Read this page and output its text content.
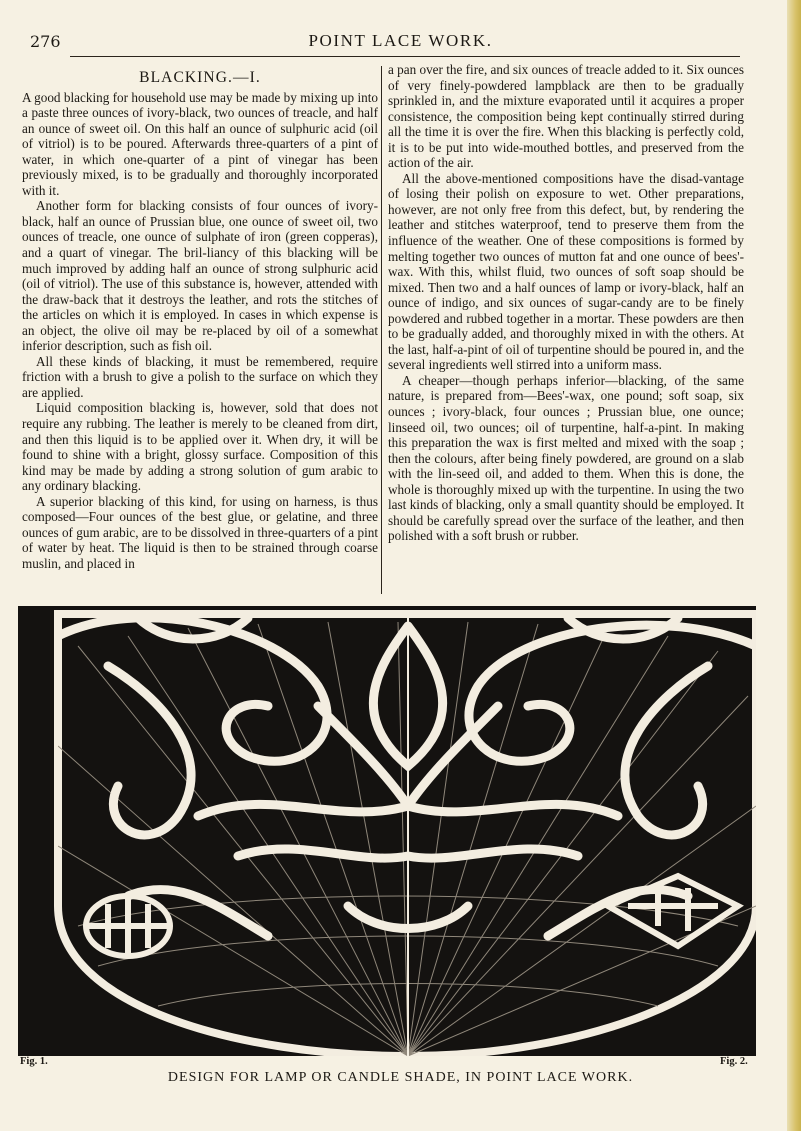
276	POINT LACE WORK.
BLACKING.—I.

A good blacking for household use may be made by mixing up into a paste three ounces of ivory-black, two ounces of treacle, and half an ounce of sweet oil. On this half an ounce of sulphuric acid (oil of vitriol) is to be poured. Afterwards three-quarters of a pint of water, in which one-quarter of a pint of vinegar has been previously mixed, is to be gradually and thoroughly incorporated with it.

Another form for blacking consists of four ounces of ivory-black, half an ounce of Prussian blue, one ounce of sweet oil, two ounces of treacle, one ounce of sulphate of iron (green copperas), and a quart of vinegar. The bril-liancy of this blacking will be much improved by adding half an ounce of strong sulphuric acid (oil of vitriol). The use of this substance is, however, attended with the draw-back that it destroys the leather, and rots the stitches of the articles on which it is employed. In cases in which expense is an object, the olive oil may be re-placed by oil of a somewhat inferior description, such as fish oil.

All these kinds of blacking, it must be remembered, require friction with a brush to give a polish to the surface on which they are applied.

Liquid composition blacking is, however, sold that does not require any rubbing. The leather is merely to be cleaned from dirt, and then this liquid is to be applied over it. When dry, it will be found to shine with a bright, glossy surface. Composition of this kind may be made by adding a strong solution of gum arabic to any ordinary blacking.

A superior blacking of this kind, for using on harness, is thus composed—Four ounces of the best glue, or gelatine, and three ounces of gum arabic, are to be dissolved in three-quarters of a pint of water by heat. The liquid is then to be strained through coarse muslin, and placed in

a pan over the fire, and six ounces of treacle added to it. Six ounces of very finely-powdered lampblack are then to be gradually sprinkled in, and the mixture evaporated until it acquires a proper consistence, the composition being kept continually stirred during all the time it is over the fire. When this blacking is perfectly cold, it is to be put into wide-mouthed bottles, and preserved from the action of the air.

All the above-mentioned compositions have the disad-vantage of losing their polish on exposure to wet. Other preparations, however, are not only free from this defect, but, by rendering the leather and stitches waterproof, tend to preserve them from the influence of the weather. One of these compositions is formed by melting together two ounces of mutton fat and one ounce of bees'-wax. With this, whilst fluid, two ounces of soft soap should be mixed. Then two and a half ounces of lamp or ivory-black, half an ounce of indigo, and six ounces of sugar-candy are to be finely powdered and rubbed together in a mortar. These powders are then to be gradually added, and thoroughly mixed in with the others. At the last, half-a-pint of oil of turpentine should be poured in, and the several ingredients well stirred into a uniform mass.

A cheaper—though perhaps inferior—blacking, of the same nature, is prepared from—Bees'-wax, one pound; soft soap, six ounces ; ivory-black, four ounces ; Prussian blue, one ounce; linseed oil, two ounces; oil of turpentine, half-a-pint. In making this preparation the wax is first melted and mixed with the soap ; then the colours, after being finely powdered, are ground on a slab with the lin-seed oil, and added to them. When this is done, the whole is thoroughly mixed up with the turpentine. In using the two last kinds of blacking, only a small quantity should be employed. It should be carefully spread over the surface of the leather, and then polished with a soft brush or rubber.

Fig. 1.	Fig. 2.
DESIGN FOR LAMP OR CANDLE SHADE, IN POINT LACE WORK.
